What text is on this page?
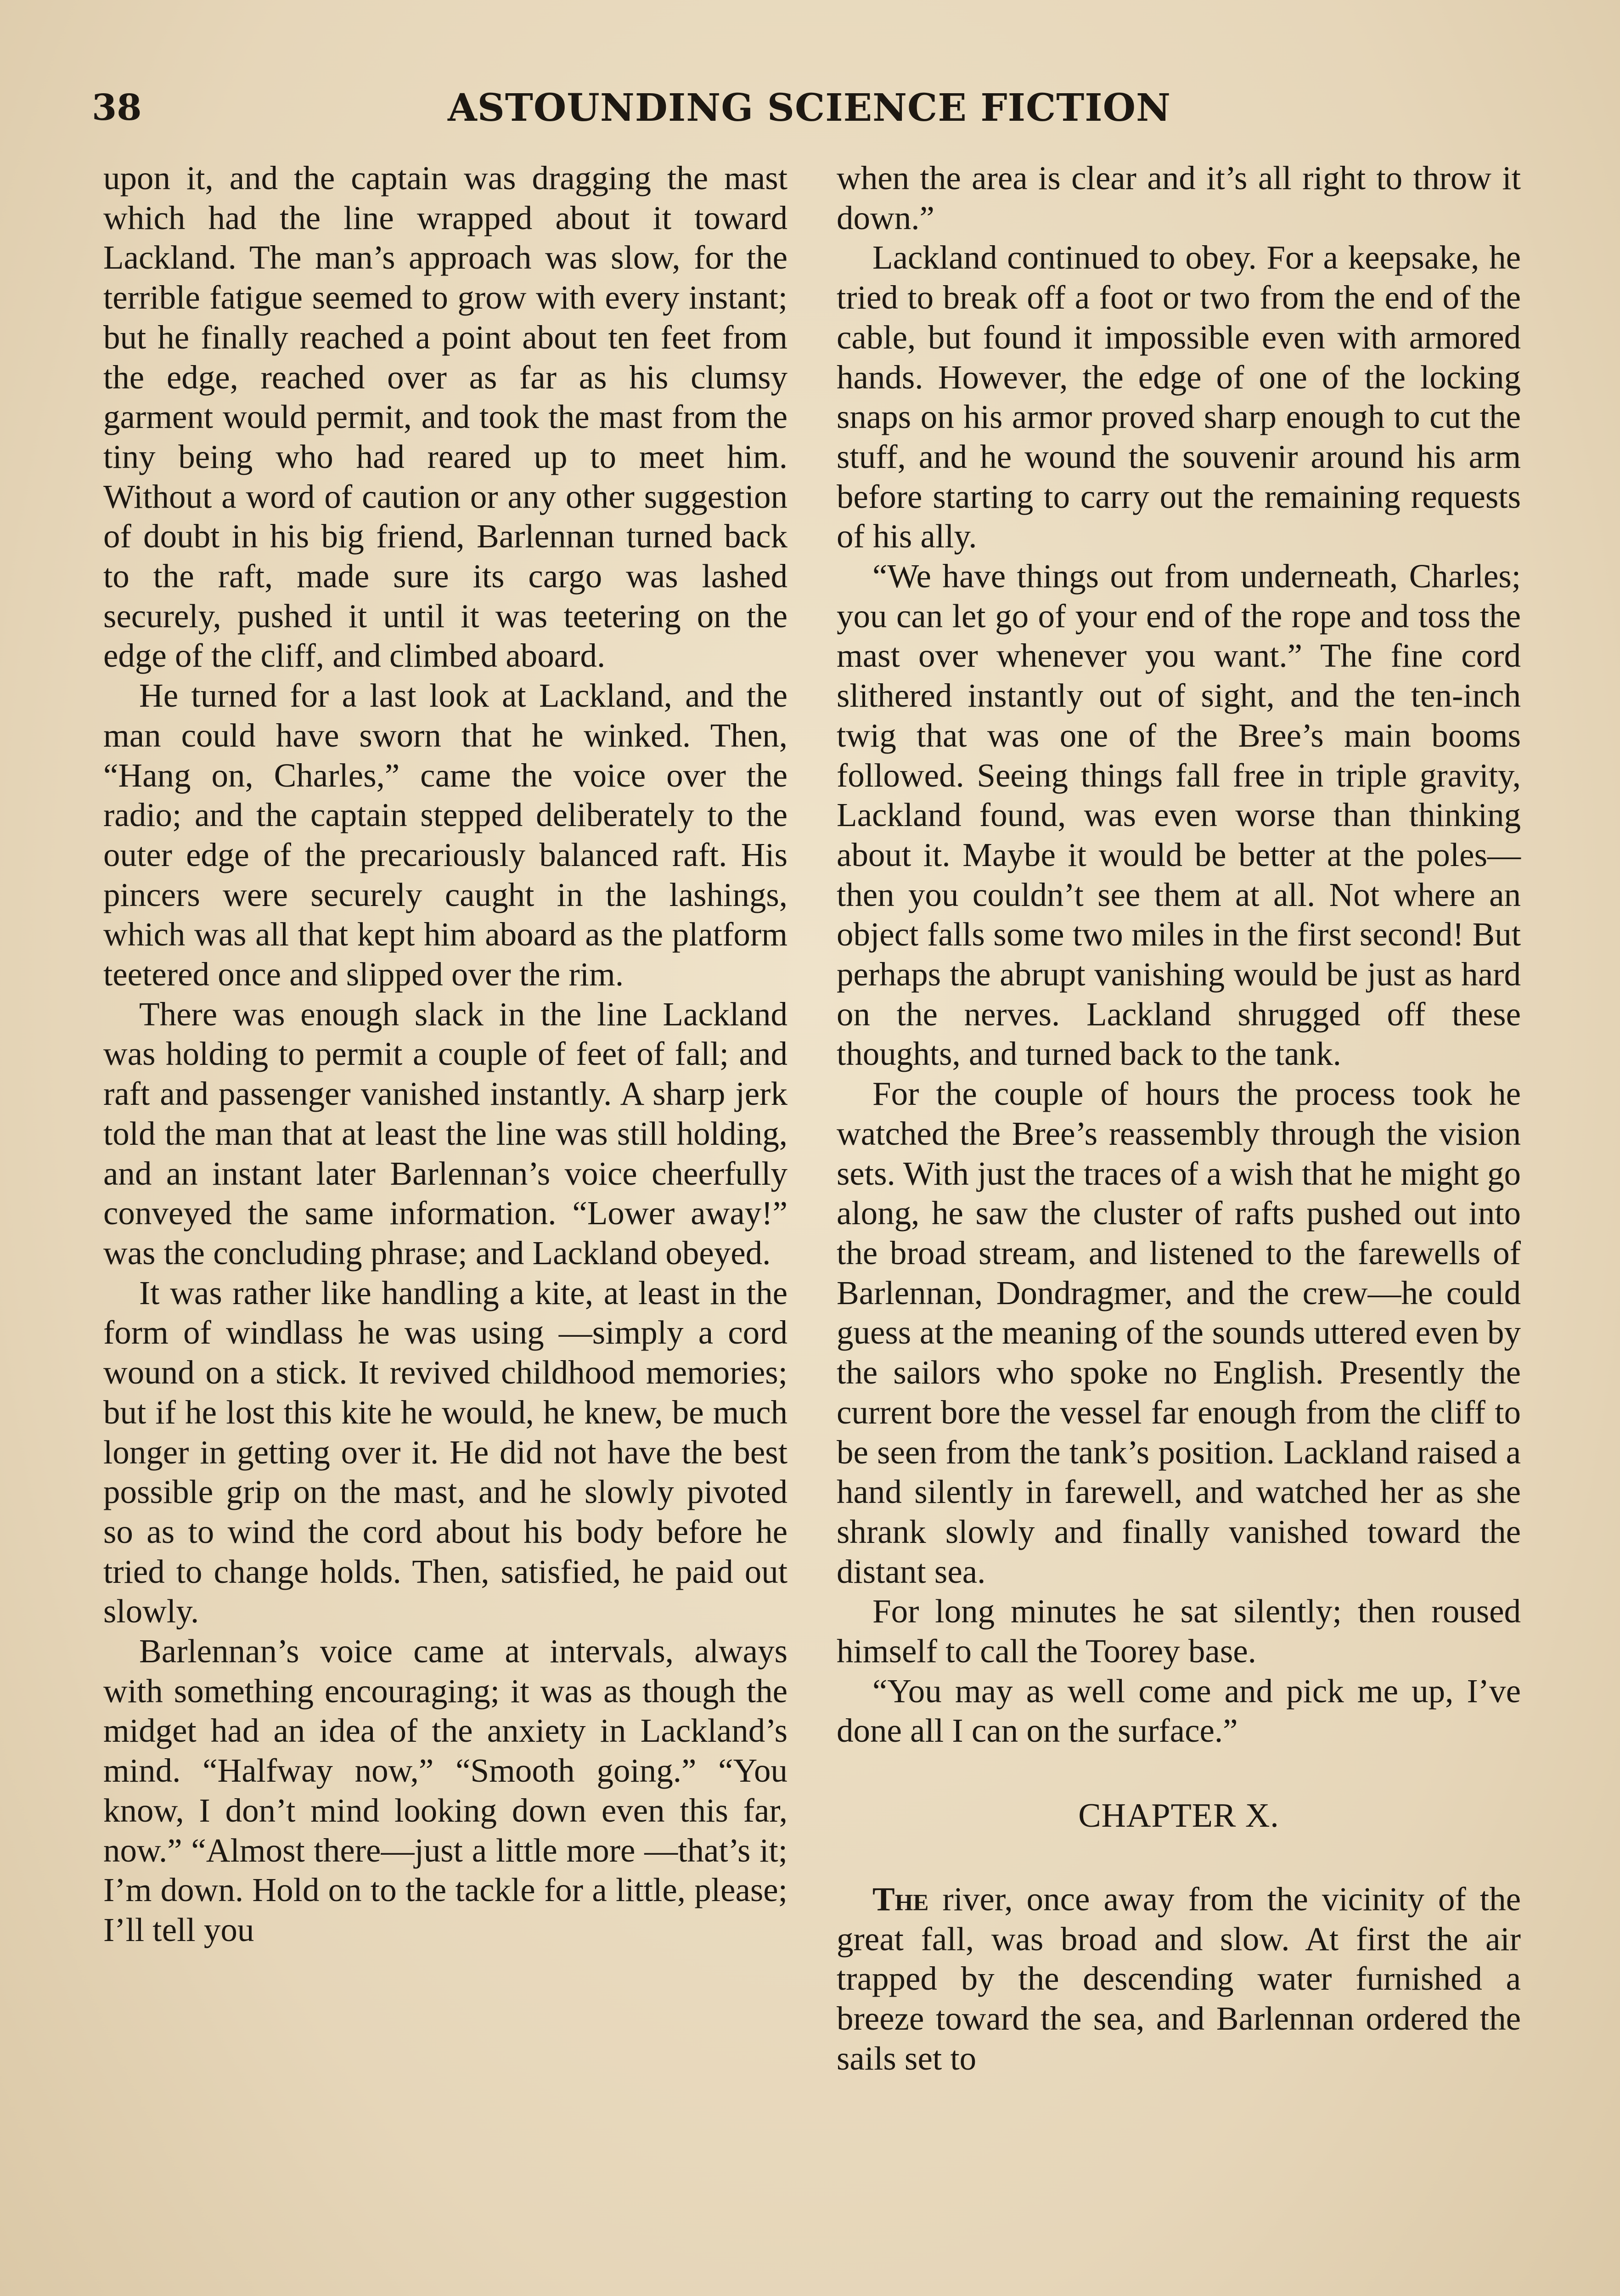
38	ASTOUNDING SCIENCE FICTION

upon it, and the captain was dragging the mast which had the line wrapped about it toward Lackland. The man’s approach was slow, for the terrible fatigue seemed to grow with every instant; but he finally reached a point about ten feet from the edge, reached over as far as his clumsy garment would permit, and took the mast from the tiny being who had reared up to meet him. Without a word of caution or any other suggestion of doubt in his big friend, Barlennan turned back to the raft, made sure its cargo was lashed securely, pushed it until it was teetering on the edge of the cliff, and climbed aboard.

He turned for a last look at Lackland, and the man could have sworn that he winked. Then, “Hang on, Charles,” came the voice over the radio; and the captain stepped deliberately to the outer edge of the precariously balanced raft. His pincers were securely caught in the lashings, which was all that kept him aboard as the platform teetered once and slipped over the rim.

There was enough slack in the line Lackland was holding to permit a couple of feet of fall; and raft and passenger vanished instantly. A sharp jerk told the man that at least the line was still holding, and an instant later Barlennan’s voice cheerfully conveyed the same information. “Lower away!” was the concluding phrase; and Lackland obeyed.

It was rather like handling a kite, at least in the form of windlass he was using —simply a cord wound on a stick. It revived childhood memories; but if he lost this kite he would, he knew, be much longer in getting over it. He did not have the best possible grip on the mast, and he slowly pivoted so as to wind the cord about his body before he tried to change holds. Then, satisfied, he paid out slowly.

Barlennan’s voice came at intervals, always with something encouraging; it was as though the midget had an idea of the anxiety in Lackland’s mind. “Halfway now,” “Smooth going.” “You know, I don’t mind looking down even this far, now.” “Almost there—just a little more —that’s it; I’m down. Hold on to the tackle for a little, please; I’ll tell you

when the area is clear and it’s all right to throw it down.”

Lackland continued to obey. For a keepsake, he tried to break off a foot or two from the end of the cable, but found it impossible even with armored hands. However, the edge of one of the locking snaps on his armor proved sharp enough to cut the stuff, and he wound the souvenir around his arm before starting to carry out the remaining requests of his ally.

“We have things out from underneath, Charles; you can let go of your end of the rope and toss the mast over whenever you want.” The fine cord slithered instantly out of sight, and the ten-inch twig that was one of the Bree’s main booms followed. Seeing things fall free in triple gravity, Lackland found, was even worse than thinking about it. Maybe it would be better at the poles—then you couldn’t see them at all. Not where an object falls some two miles in the first second! But perhaps the abrupt vanishing would be just as hard on the nerves. Lackland shrugged off these thoughts, and turned back to the tank.

For the couple of hours the process took he watched the Bree’s reassembly through the vision sets. With just the traces of a wish that he might go along, he saw the cluster of rafts pushed out into the broad stream, and listened to the farewells of Barlennan, Dondragmer, and the crew—he could guess at the meaning of the sounds uttered even by the sailors who spoke no English. Presently the current bore the vessel far enough from the cliff to be seen from the tank’s position. Lackland raised a hand silently in farewell, and watched her as she shrank slowly and finally vanished toward the distant sea.

For long minutes he sat silently; then roused himself to call the Toorey base.

“You may as well come and pick me up, I’ve done all I can on the surface.”

CHAPTER X.

The river, once away from the vicinity of the great fall, was broad and slow. At first the air trapped by the descending water furnished a breeze toward the sea, and Barlennan ordered the sails set to
